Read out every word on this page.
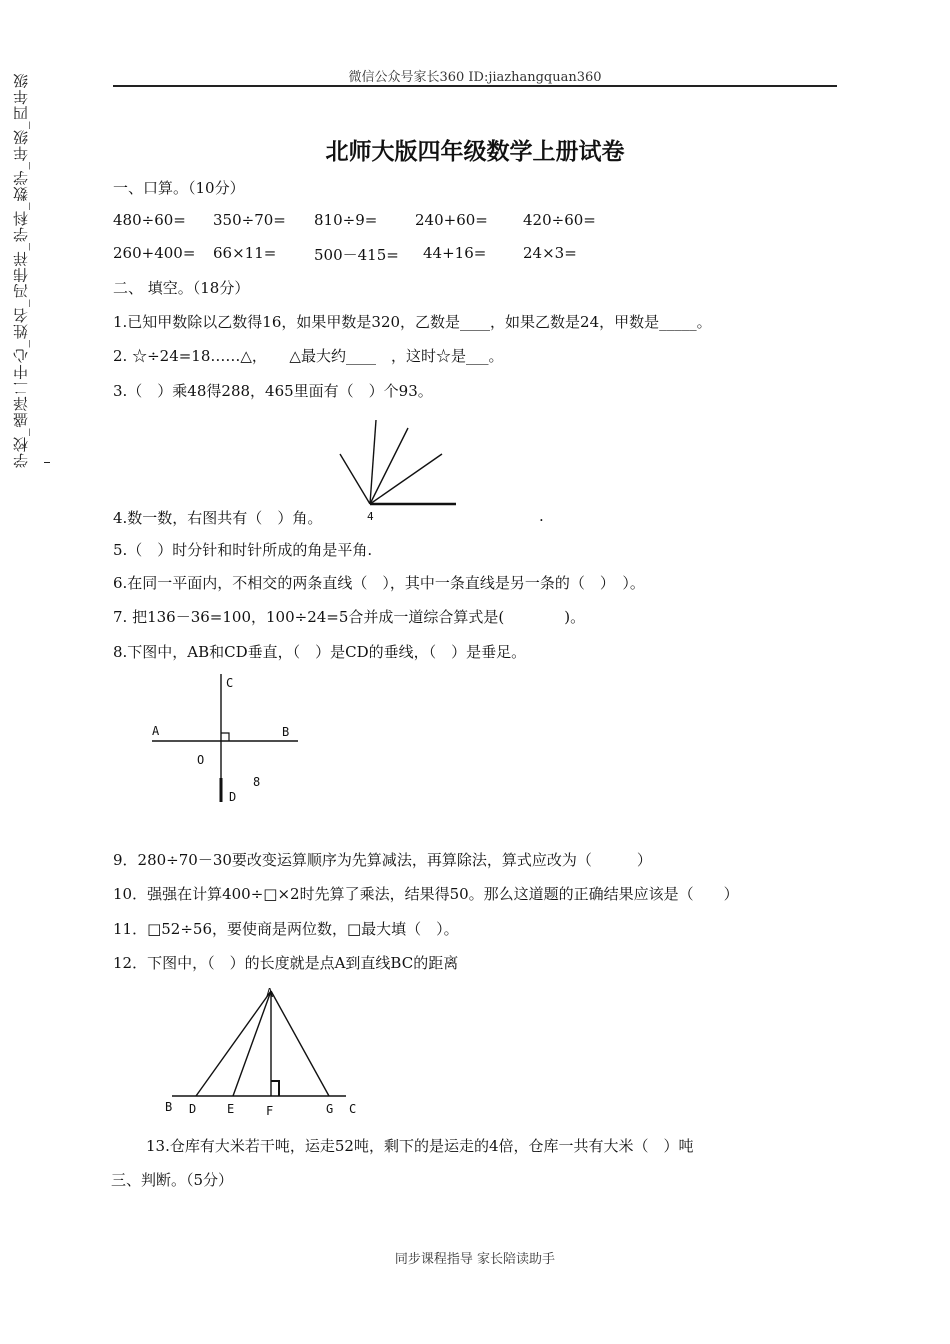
学校_盛泽二中心_姓名_冯伟祥_学科_数学_年级_四年级	微信公众号家长360 ID:jiazhangquan360
北师大版四年级数学上册试卷
一、口算。（10分）
480÷60= 350÷70= 810÷9=	240+60= 420÷60=
260+400= 66×11=	500－415= 44+16= 24×3=
二、 填空。（18分）
1.已知甲数除以乙数得16，如果甲数是320，乙数是____，如果乙数是24，甲数是_____。
2. ☆÷24=18……△，　　△最大约____　，这时☆是___。
3.（　）乘48得288，465里面有（　）个93。
4
4.数一数，右图共有（　）角。	.
5.（　）时分针和时针所成的角是平角.
6.在同一平面内，不相交的两条直线（　），其中一条直线是另一条的（　）　）。
7. 把136－36=100，100÷24=5合并成一道综合算式是(　　　　)。
8.下图中，AB和CD垂直，（　）是CD的垂线，（　）是垂足。
C
A	B
O
D
8
9．280÷70－30要改变运算顺序为先算减法，再算除法，算式应改为（　　　）
10．强强在计算400÷□×2时先算了乘法，结果得50。那么这道题的正确结果应该是（　　）
11．□52÷56，要使商是两位数，□最大填（　）。
12．下图中，（　）的长度就是点A到直线BC的距离
A
B D	E	F	G C
13.仓库有大米若干吨，运走52吨，剩下的是运走的4倍，仓库一共有大米（　）吨
三、判断。（5分）
同步课程指导 家长陪读助手
